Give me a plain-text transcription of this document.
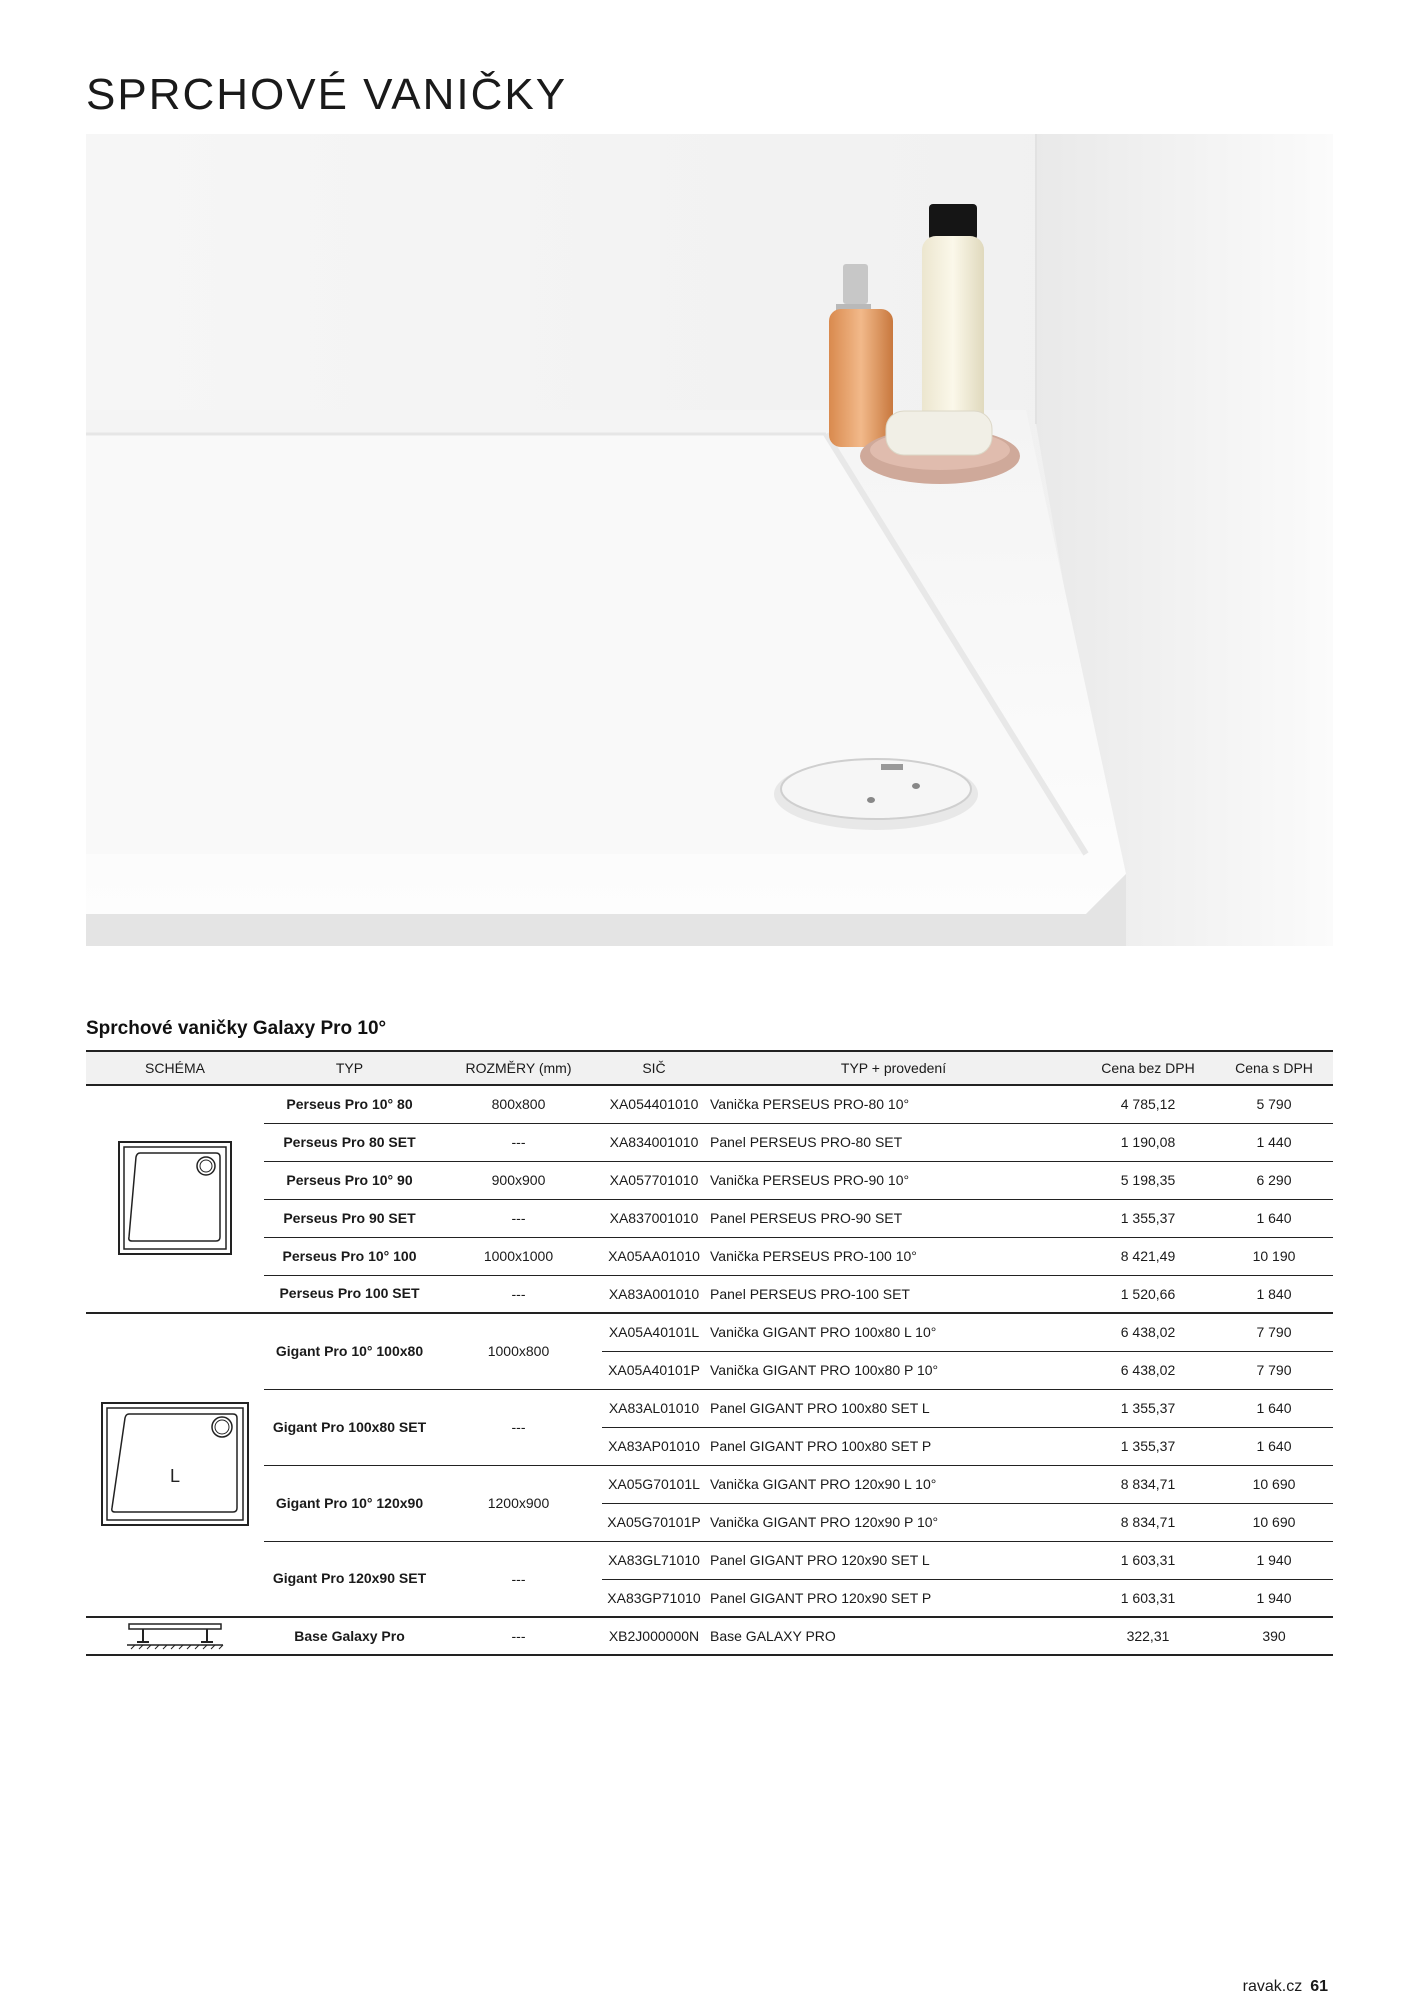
SPRCHOVÉ VANIČKY
Sprchové vaničky Galaxy Pro 10°
SCHÉMA	TYP	ROZMĚRY (mm)	SIČ	TYP + provedení	Cena bez DPH	Cena s DPH
	Perseus Pro 10° 80	800x800	XA054401010	Vanička PERSEUS PRO-80 10°	4 785,12	5 790
	Perseus Pro 80 SET	---	XA834001010	Panel PERSEUS PRO-80 SET	1 190,08	1 440
	Perseus Pro 10° 90	900x900	XA057701010	Vanička PERSEUS PRO-90 10°	5 198,35	6 290
	Perseus Pro 90 SET	---	XA837001010	Panel PERSEUS PRO-90 SET	1 355,37	1 640
	Perseus Pro 10° 100	1000x1000	XA05AA01010	Vanička PERSEUS PRO-100 10°	8 421,49	10 190
	Perseus Pro 100 SET	---	XA83A001010	Panel PERSEUS PRO-100 SET	1 520,66	1 840

L	Gigant Pro 10° 100x80	1000x800	XA05A40101L	Vanička GIGANT PRO 100x80 L 10°	6 438,02	7 790
			XA05A40101P	Vanička GIGANT PRO 100x80 P 10°	6 438,02	7 790
	Gigant Pro 100x80 SET	---	XA83AL01010	Panel GIGANT PRO 100x80 SET L	1 355,37	1 640
			XA83AP01010	Panel GIGANT PRO 100x80 SET P	1 355,37	1 640
	Gigant Pro 10° 120x90	1200x900	XA05G70101L	Vanička GIGANT PRO 120x90 L 10°	8 834,71	10 690
			XA05G70101P	Vanička GIGANT PRO 120x90 P 10°	8 834,71	10 690
	Gigant Pro 120x90 SET	---	XA83GL71010	Panel GIGANT PRO 120x90 SET L	1 603,31	1 940
			XA83GP71010	Panel GIGANT PRO 120x90 SET P	1 603,31	1 940
	Base Galaxy Pro	---	XB2J000000N	Base GALAXY PRO	322,31	390
ravak.cz 61
